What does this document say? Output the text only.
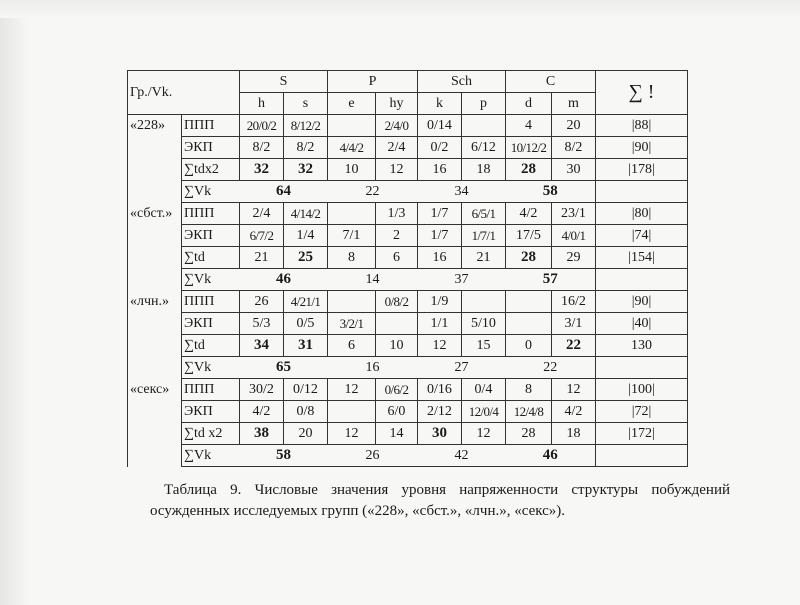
Гр./Vk.		S		P		Sch		C		∑ !
		h	s	e	hy	k	p	d	m	
«228»	ППП	20/0/2	8/12/2		2/4/0	0/14		4	20	|88|
	ЭКП	8/2	8/2	4/4/2	2/4	0/2	6/12	10/12/2	8/2	|90|
	∑tdx2	32	32	10	12	16	18	28	30	|178|
	∑Vk	64		22		34		58		
«сбст.»	ППП	2/4	4/14/2		1/3	1/7	6/5/1	4/2	23/1	|80|
	ЭКП	6/7/2	1/4	7/1	2	1/7	1/7/1	17/5	4/0/1	|74|
	∑td	21	25	8	6	16	21	28	29	|154|
	∑Vk	46		14		37		57		
«лчн.»	ППП	26	4/21/1		0/8/2	1/9			16/2	|90|
	ЭКП	5/3	0/5	3/2/1		1/1	5/10		3/1	|40|
	∑td	34	31	6	10	12	15	0	22	130
	∑Vk	65		16		27		22		
«секс»	ППП	30/2	0/12	12	0/6/2	0/16	0/4	8	12	|100|
	ЭКП	4/2	0/8		6/0	2/12	12/0/4	12/4/8	4/2	|72|
	∑td x2	38	20	12	14	30	12	28	18	|172|
	∑Vk	58		26		42		46		
Таблица 9. Числовые значения уровня напряженности структуры побуждений осужденных исследуемых групп («228», «сбст.», «лчн.», «секс»).
